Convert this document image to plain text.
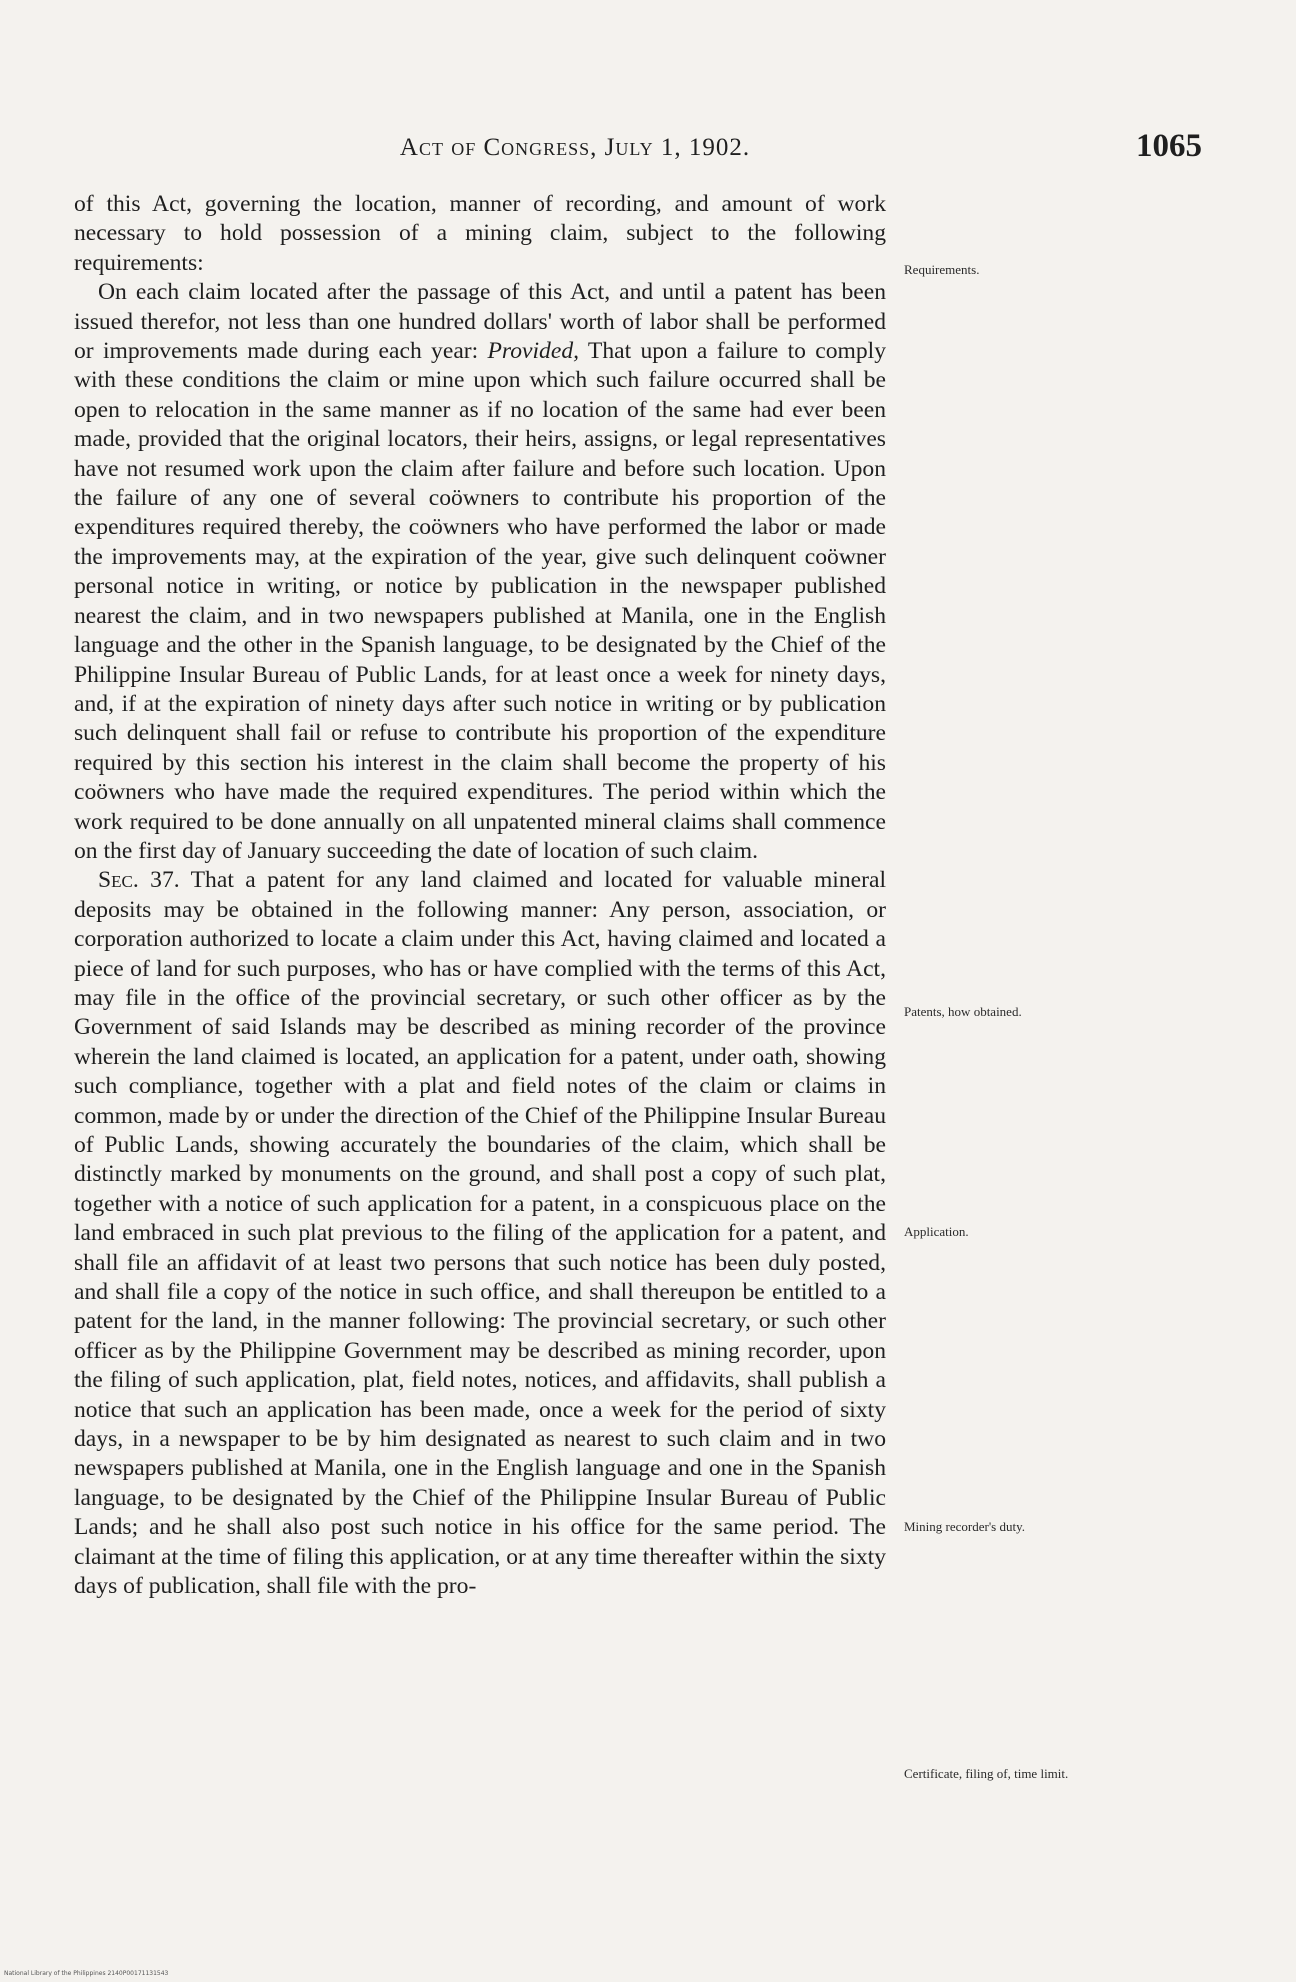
Act of Congress, July 1, 1902.	1065

of this Act, governing the location, manner of recording, and amount of work necessary to hold possession of a mining claim, subject to the following requirements:

On each claim located after the passage of this Act, and until a patent has been issued therefor, not less than one hundred dollars' worth of labor shall be performed or improvements made during each year: Provided, That upon a failure to comply with these conditions the claim or mine upon which such failure occurred shall be open to relocation in the same manner as if no location of the same had ever been made, provided that the original locators, their heirs, assigns, or legal representatives have not resumed work upon the claim after failure and before such location. Upon the failure of any one of several coöwners to contribute his proportion of the expenditures required thereby, the coöwners who have performed the labor or made the improvements may, at the expiration of the year, give such delinquent coöwner personal notice in writing, or notice by publication in the newspaper published nearest the claim, and in two newspapers published at Manila, one in the English language and the other in the Spanish language, to be designated by the Chief of the Philippine Insular Bureau of Public Lands, for at least once a week for ninety days, and, if at the expiration of ninety days after such notice in writing or by publication such delinquent shall fail or refuse to contribute his proportion of the expenditure required by this section his interest in the claim shall become the property of his coöwners who have made the required expenditures. The period within which the work required to be done annually on all unpatented mineral claims shall commence on the first day of January succeeding the date of location of such claim.

Sec. 37. That a patent for any land claimed and located for valuable mineral deposits may be obtained in the following manner: Any person, association, or corporation authorized to locate a claim under this Act, having claimed and located a piece of land for such purposes, who has or have complied with the terms of this Act, may file in the office of the provincial secretary, or such other officer as by the Government of said Islands may be described as mining recorder of the province wherein the land claimed is located, an application for a patent, under oath, showing such compliance, together with a plat and field notes of the claim or claims in common, made by or under the direction of the Chief of the Philippine Insular Bureau of Public Lands, showing accurately the boundaries of the claim, which shall be distinctly marked by monuments on the ground, and shall post a copy of such plat, together with a notice of such application for a patent, in a conspicuous place on the land embraced in such plat previous to the filing of the application for a patent, and shall file an affidavit of at least two persons that such notice has been duly posted, and shall file a copy of the notice in such office, and shall thereupon be entitled to a patent for the land, in the manner following: The provincial secretary, or such other officer as by the Philippine Government may be described as mining recorder, upon the filing of such application, plat, field notes, notices, and affidavits, shall publish a notice that such an application has been made, once a week for the period of sixty days, in a newspaper to be by him designated as nearest to such claim and in two newspapers published at Manila, one in the English language and one in the Spanish language, to be designated by the Chief of the Philippine Insular Bureau of Public Lands; and he shall also post such notice in his office for the same period. The claimant at the time of filing this application, or at any time thereafter within the sixty days of publication, shall file with the pro-

Requirements.
Patents, how obtained.
Application.
Mining recorder's duty.
Certificate, filing of, time limit.
National Library of the Philippines 2140P00171131543 
